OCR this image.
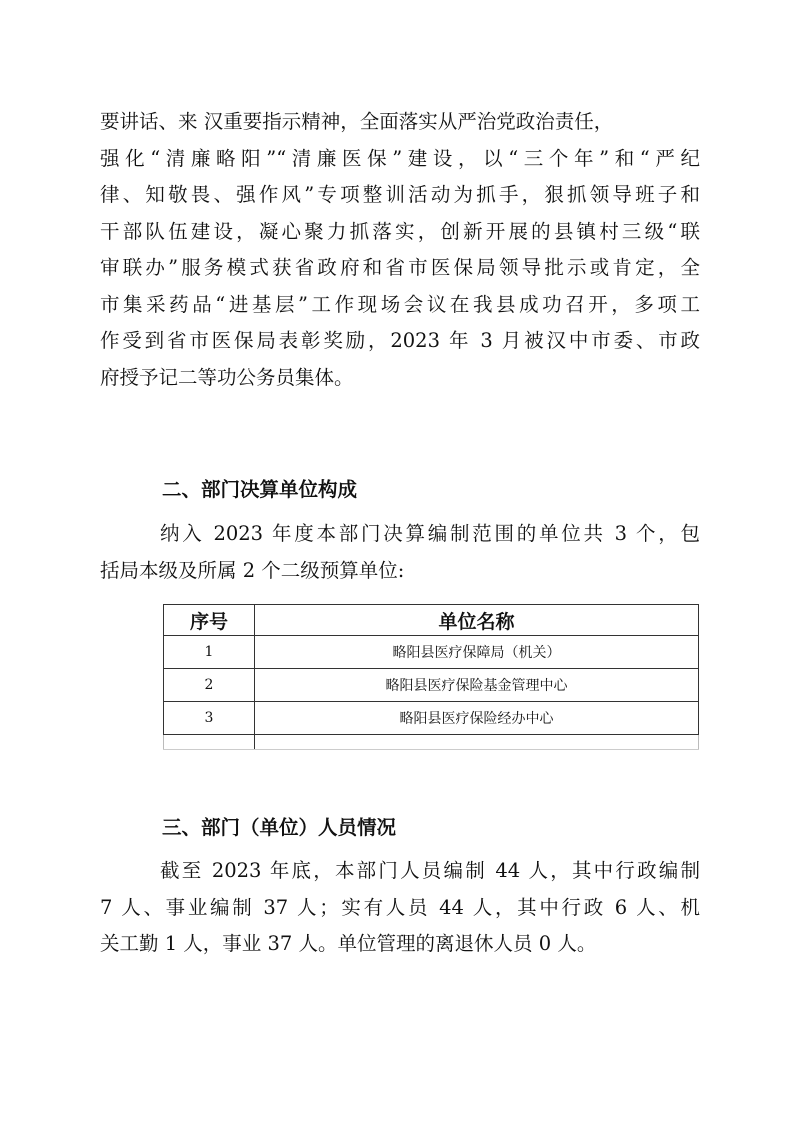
要讲话、来 汉重要指示精神，全面落实从严治党政治责任，
强化“清廉略阳”“清廉医保”建设，以“三个年”和“严纪
律、知敬畏、强作风”专项整训活动为抓手，狠抓领导班子和
干部队伍建设，凝心聚力抓落实，创新开展的县镇村三级“联
审联办”服务模式获省政府和省市医保局领导批示或肯定，全
市集采药品“进基层”工作现场会议在我县成功召开，多项工
作受到省市医保局表彰奖励，2023 年 3 月被汉中市委、市政
府授予记二等功公务员集体。
二、部门决算单位构成
纳入 2023 年度本部门决算编制范围的单位共 3 个，包
括局本级及所属 2 个二级预算单位:
序号	单位名称
1	略阳县医疗保障局（机关）
2	略阳县医疗保险基金管理中心
3	略阳县医疗保险经办中心

三、部门（单位）人员情况
截至 2023 年底，本部门人员编制 44 人，其中行政编制
7 人、事业编制 37 人；实有人员 44 人，其中行政 6 人、机
关工勤 1 人，事业 37 人。单位管理的离退休人员 0 人。
